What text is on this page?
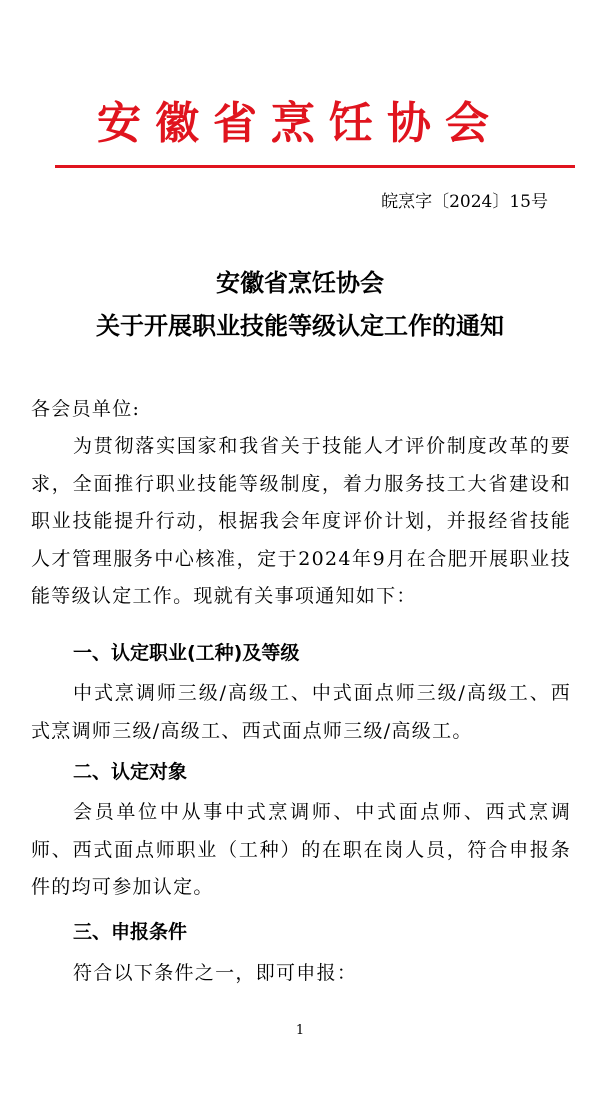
安徽省烹饪协会
皖烹字〔2024〕15号
安徽省烹饪协会
关于开展职业技能等级认定工作的通知

各会员单位:

为贯彻落实国家和我省关于技能人才评价制度改革的要求，全面推行职业技能等级制度，着力服务技工大省建设和职业技能提升行动，根据我会年度评价计划，并报经省技能人才管理服务中心核准，定于2024年9月在合肥开展职业技能等级认定工作。现就有关事项通知如下：

一、认定职业(工种)及等级

中式烹调师三级/高级工、中式面点师三级/高级工、西式烹调师三级/高级工、西式面点师三级/高级工。

二、认定对象

会员单位中从事中式烹调师、中式面点师、西式烹调师、西式面点师职业（工种）的在职在岗人员，符合申报条件的均可参加认定。

三、申报条件

符合以下条件之一，即可申报：

1
